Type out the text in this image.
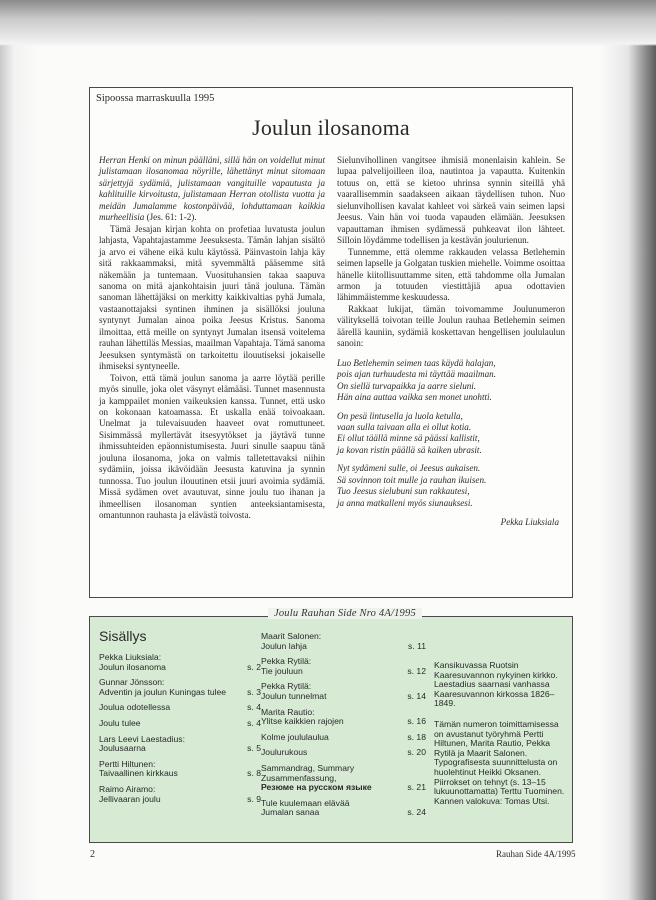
Sipoossa marraskuulla 1995
Joulun ilosanoma

Herran Henki on minun päälläni, sillä hän on voidellut minut julistamaan ilosanomaa nöyrille, lähettänyt minut sitomaan särjettyjä sydämiä, julistamaan vangituille vapautusta ja kahlituille kirvoitusta, julistamaan Herran otollista vuotta ja meidän Jumalamme kostonpäivää, lohduttamaan kaikkia murheellisia (Jes. 61: 1-2).

Tämä Jesajan kirjan kohta on profetiaa luvatusta joulun lahjasta, Vapahtajastamme Jeesuksesta. Tämän lahjan sisältö ja arvo ei vähene eikä kulu käytössä. Päinvastoin lahja käy sitä rakkaammaksi, mitä syvemmältä pääsemme sitä näkemään ja tuntemaan. Vuosituhansien takaa saapuva sanoma on mitä ajankohtaisin juuri tänä jouluna. Tämän sanoman lähettäjäksi on merkitty kaikkivaltias pyhä Jumala, vastaanottajaksi syntinen ihminen ja sisällöksi jouluna syntynyt Jumalan ainoa poika Jeesus Kristus. Sanoma ilmoittaa, että meille on syntynyt Jumalan itsensä voitelema rauhan lähettiläs Messias, maailman Vapahtaja. Tämä sanoma Jeesuksen syntymästä on tarkoitettu ilouutiseksi jokaiselle ihmiseksi syntyneelle.

Toivon, että tämä joulun sanoma ja aarre löytää perille myös sinulle, joka olet väsynyt elämääsi. Tunnet masennusta ja kamppailet monien vaikeuksien kanssa. Tunnet, että usko on kokonaan katoamassa. Et uskalla enää toivoakaan. Unelmat ja tulevaisuuden haaveet ovat romuttuneet. Sisimmässä myllertävät itsesyytökset ja jäytävä tunne ihmissuhteiden epäonnistumisesta. Juuri sinulle saapuu tänä jouluna ilosanoma, joka on valmis talletettavaksi niihin sydämiin, joissa ikävöidään Jeesusta katuvina ja synnin tunnossa. Tuo joulun ilouutinen etsii juuri avoimia sydämiä. Missä sydämen ovet avautuvat, sinne joulu tuo ihanan ja ihmeellisen ilosanoman syntien anteeksiantamisesta, omantunnon rauhasta ja elävästä toivosta.

Sielunvihollinen vangitsee ihmisiä monenlaisin kahlein. Se lupaa palvelijoilleen iloa, nautintoa ja vapautta. Kuitenkin totuus on, että se kietoo uhrinsa synnin siteillä yhä vaarallisemmin saadakseen aikaan täydellisen tuhon. Nuo sielunvihollisen kavalat kahleet voi särkeä vain seimen lapsi Jeesus. Vain hän voi tuoda vapauden elämään. Jeesuksen vapauttaman ihmisen sydämessä puhkeavat ilon lähteet. Silloin löydämme todellisen ja kestävän joulurienun.

Tunnemme, että olemme rakkauden velassa Betlehemin seimen lapselle ja Golgatan tuskien miehelle. Voimme osoittaa hänelle kiitollisuuttamme siten, että tahdomme olla Jumalan armon ja totuuden viestittäjiä apua odottavien lähimmäistemme keskuudessa.

Rakkaat lukijat, tämän toivomamme Joulunumeron välityksellä toivotan teille Joulun rauhaa Betlehemin seimen äärellä kauniin, sydämiä koskettavan hengellisen joululaulun sanoin:

Luo Betlehemin seimen taas käydä halajan,
pois ajan turhuudesta mi täyttää maailman.
On siellä turvapaikka ja aarre sieluni.
Hän aina auttaa vaikka sen monet unohtti.
On pesä lintusella ja luola ketulla,
vaan sulla taivaan alla ei ollut kotia.
Ei ollut täällä minne sä päässi kallistit,
ja kovan ristin päällä sä kaiken ubrasit.
Nyt sydämeni sulle, oi Jeesus aukaisen.
Sä sovinnon toit mulle ja rauhan ikuisen.
Tuo Jeesus sielubuni sun rakkautesi,
ja anna matkalleni myös siunauksesi.
Pekka Liuksiala
Joulu Rauhan Side Nro 4A/1995
Sisällys
Pekka Liuksiala:
Joulun ilosanoma	s. 2
Gunnar Jönsson:
Adventin ja joulun Kuningas tulee s. 3
Joulua odotellessa	s. 4
Joulu tulee	s. 4
Lars Leevi Laestadius:
Joulusaarna	s. 5
Pertti Hiltunen:
Taivaallinen kirkkaus	s. 8
Raimo Airamo:
Jellivaaran joulu	s. 9
Maarit Salonen:
Joulun lahja	s. 11
Pekka Rytilä:
Tie jouluun	s. 12
Pekka Rytilä:
Joulun tunnelmat	s. 14
Marita Rautio:
Ylitse kaikkien rajojen	s. 16
Kolme joululaulua	s. 18
Joulurukous	s. 20
Sammandrag, Summary
Zusammenfassung,
Резюме на русском языке	s. 21
Tule kuulemaan elävää
Jumalan sanaa	s. 24

Kansikuvassa Ruotsin Kaaresuvannon nykyinen kirkko. Laestadius saarnasi vanhassa Kaaresuvannon kirkossa 1826–1849.

Tämän numeron toimittamisessa on avustanut työryhmä Pertti Hiltunen, Marita Rautio, Pekka Rytilä ja Maarit Salonen. Typografisesta suunnittelusta on huolehtinut Heikki Oksanen. Piirrokset on tehnyt (s. 13–15 lukuunottamatta) Terttu Tuominen. Kannen valokuva: Tomas Utsi.

2	Rauhan Side 4A/1995
